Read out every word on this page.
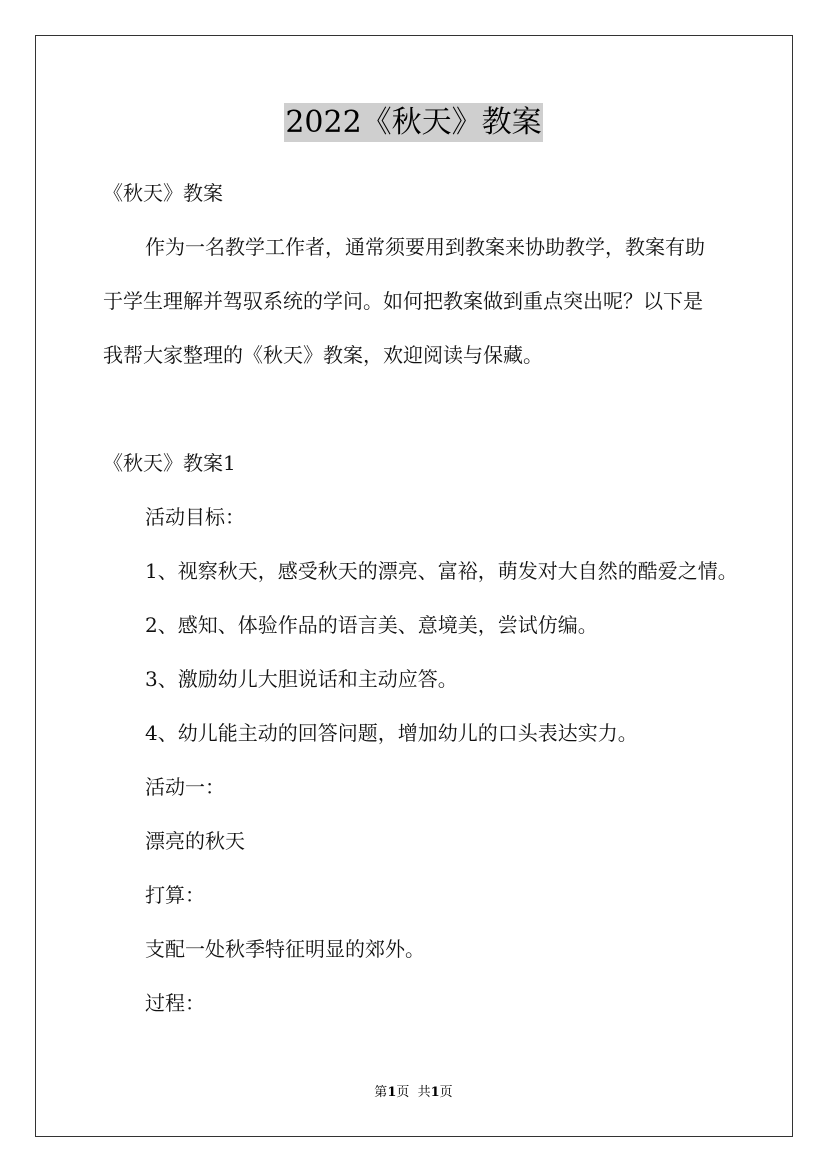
2022《秋天》教案
《秋天》教案
作为一名教学工作者，通常须要用到教案来协助教学，教案有助
于学生理解并驾驭系统的学问。如何把教案做到重点突出呢？以下是
我帮大家整理的《秋天》教案，欢迎阅读与保藏。
《秋天》教案1
活动目标：
1、视察秋天，感受秋天的漂亮、富裕，萌发对大自然的酷爱之情。
2、感知、体验作品的语言美、意境美，尝试仿编。
3、激励幼儿大胆说话和主动应答。
4、幼儿能主动的回答问题，增加幼儿的口头表达实力。
活动一：
漂亮的秋天
打算：
支配一处秋季特征明显的郊外。
过程：
第1页  共1页
